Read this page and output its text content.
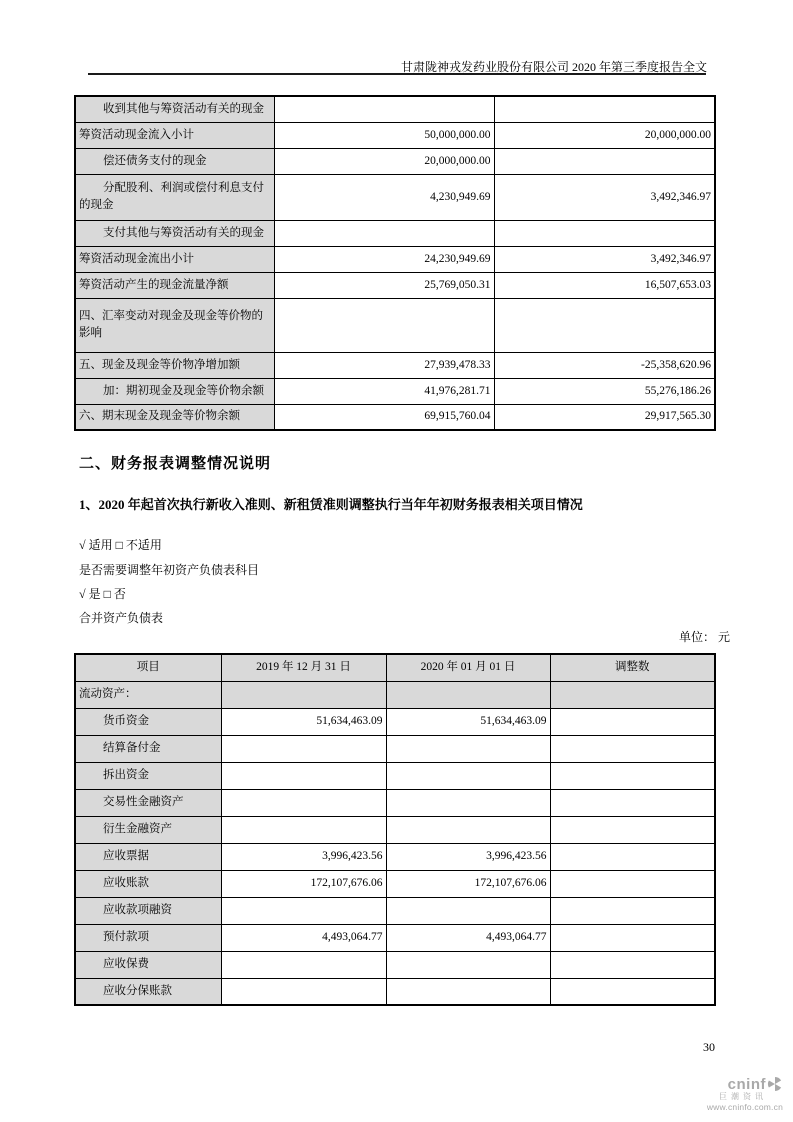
甘肃陇神戎发药业股份有限公司 2020 年第三季度报告全文
收到其他与筹资活动有关的现金		
筹资活动现金流入小计	50,000,000.00	20,000,000.00
偿还债务支付的现金	20,000,000.00	
分配股利、利润或偿付利息支付的现金	4,230,949.69	3,492,346.97
支付其他与筹资活动有关的现金		
筹资活动现金流出小计	24,230,949.69	3,492,346.97
筹资活动产生的现金流量净额	25,769,050.31	16,507,653.03
四、汇率变动对现金及现金等价物的影响		
五、现金及现金等价物净增加额	27,939,478.33	-25,358,620.96
加：期初现金及现金等价物余额	41,976,281.71	55,276,186.26
六、期末现金及现金等价物余额	69,915,760.04	29,917,565.30
二、财务报表调整情况说明
1、2020 年起首次执行新收入准则、新租赁准则调整执行当年年初财务报表相关项目情况
√ 适用 □ 不适用
是否需要调整年初资产负债表科目
√ 是 □ 否
合并资产负债表
单位： 元
项目	2019 年 12 月 31 日	2020 年 01 月 01 日	调整数
流动资产：			
货币资金	51,634,463.09	51,634,463.09	
结算备付金			
拆出资金			
交易性金融资产			
衍生金融资产			
应收票据	3,996,423.56	3,996,423.56	
应收账款	172,107,676.06	172,107,676.06	
应收款项融资			
预付款项	4,493,064.77	4,493,064.77	
应收保费			
应收分保账款			
30
cninf
巨潮资讯
www.cninfo.com.cn
